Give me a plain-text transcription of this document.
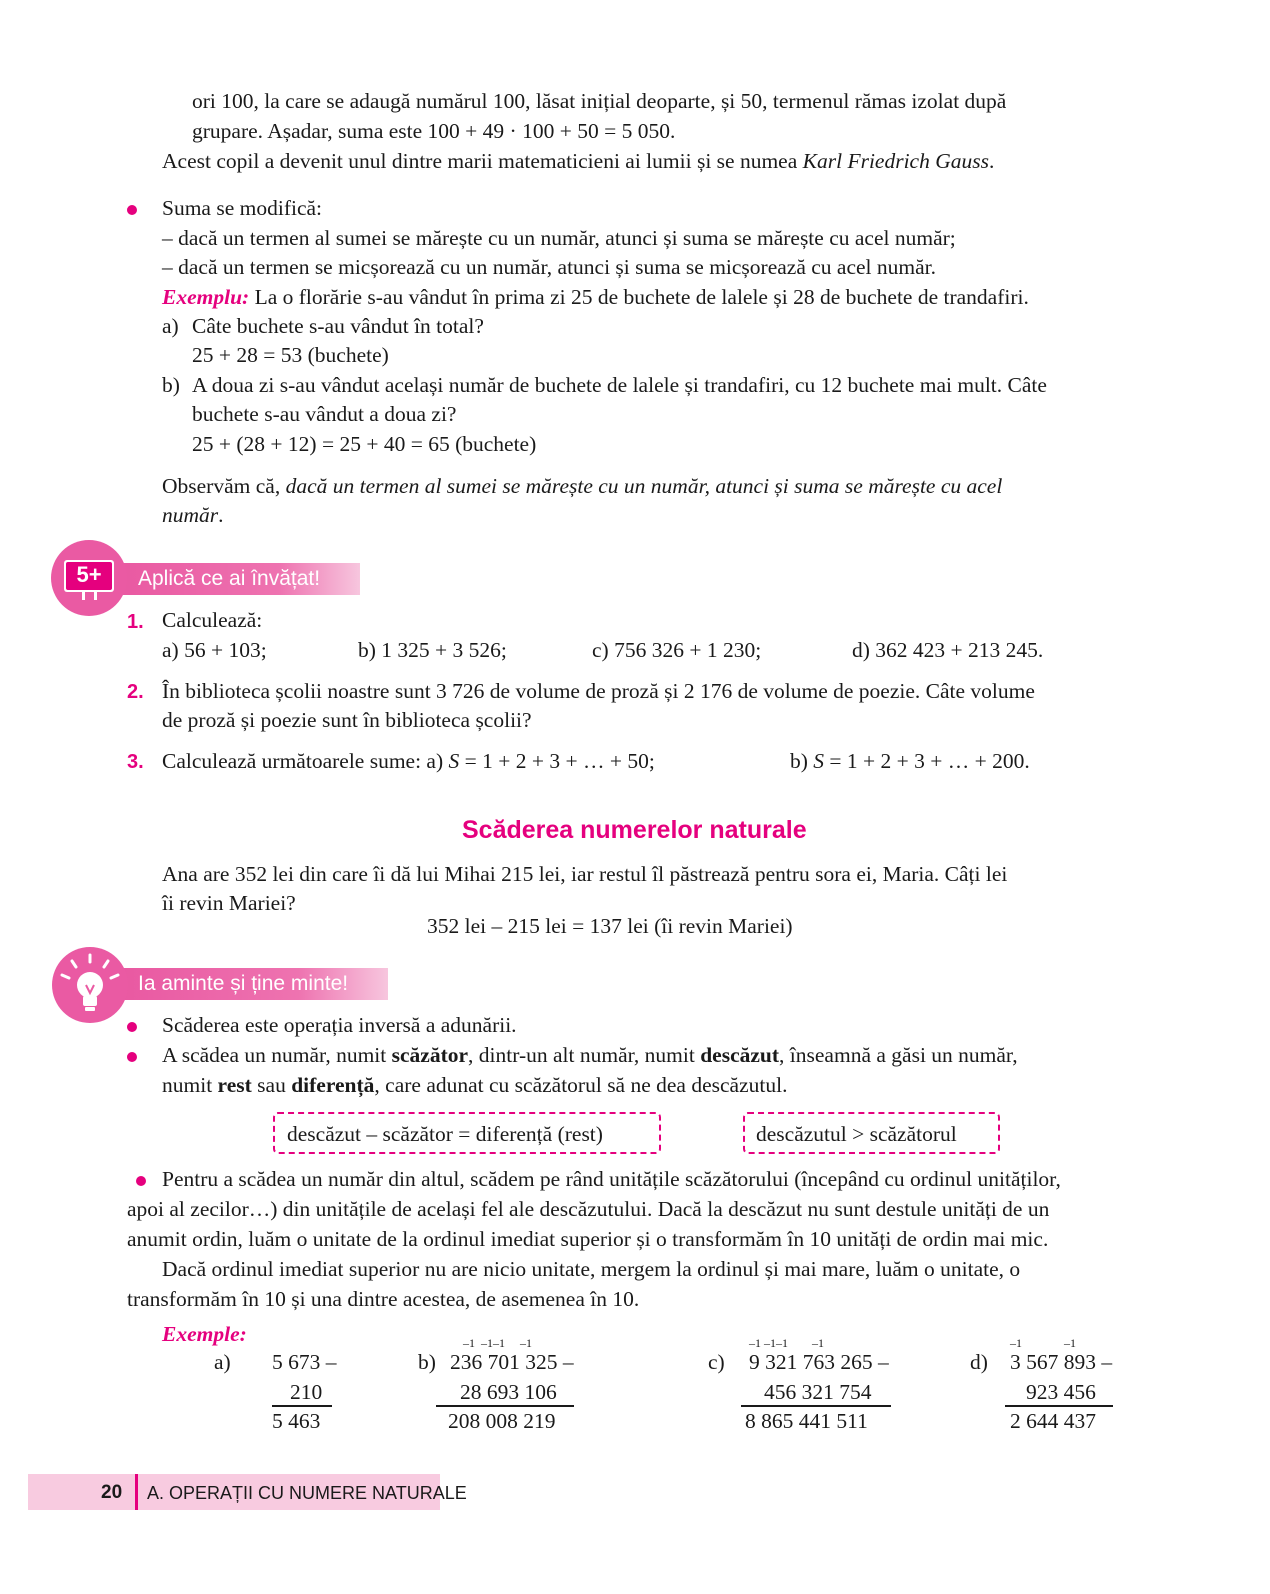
ori 100, la care se adaugă numărul 100, lăsat inițial deoparte, și 50, termenul rămas izolat după
grupare. Așadar, suma este 100 + 49 · 100 + 50 = 5 050.
Acest copil a devenit unul dintre marii matematicieni ai lumii și se numea Karl Friedrich Gauss.
Suma se modifică:
– dacă un termen al sumei se mărește cu un număr, atunci și suma se mărește cu acel număr;
– dacă un termen se micșorează cu un număr, atunci și suma se micșorează cu acel număr.
Exemplu: La o florărie s-au vândut în prima zi 25 de buchete de lalele și 28 de buchete de trandafiri.
a) Câte buchete s-au vândut în total?
25 + 28 = 53 (buchete)
b) A doua zi s-au vândut același număr de buchete de lalele și trandafiri, cu 12 buchete mai mult. Câte
buchete s-au vândut a doua zi?
25 + (28 + 12) = 25 + 40 = 65 (buchete)
Observăm că, dacă un termen al sumei se mărește cu un număr, atunci și suma se mărește cu acel
număr.
5+	Aplică ce ai învățat!
1. Calculează:
a) 56 + 103;	b) 1 325 + 3 526;	c) 756 326 + 1 230;	d) 362 423 + 213 245.
2. În biblioteca școlii noastre sunt 3 726 de volume de proză și 2 176 de volume de poezie. Câte volume
de proză și poezie sunt în biblioteca școlii?
3. Calculează următoarele sume: a) S = 1 + 2 + 3 + … + 50;	b) S = 1 + 2 + 3 + … + 200.
Scăderea numerelor naturale
Ana are 352 lei din care îi dă lui Mihai 215 lei, iar restul îl păstrează pentru sora ei, Maria. Câți lei
îi revin Mariei?
352 lei – 215 lei = 137 lei (îi revin Mariei)
Ia aminte și ține minte!
Scăderea este operația inversă a adunării.
A scădea un număr, numit scăzător, dintr-un alt număr, numit descăzut, înseamnă a găsi un număr,
numit rest sau diferență, care adunat cu scăzătorul să ne dea descăzutul.
descăzut – scăzător = diferență (rest)	descăzutul > scăzătorul
Pentru a scădea un număr din altul, scădem pe rând unitățile scăzătorului (începând cu ordinul unităților,
apoi al zecilor…) din unitățile de același fel ale descăzutului. Dacă la descăzut nu sunt destule unități de un
anumit ordin, luăm o unitate de la ordinul imediat superior și o transformăm în 10 unități de ordin mai mic.
Dacă ordinul imediat superior nu are nicio unitate, mergem la ordinul și mai mare, luăm o unitate, o
transformăm în 10 și una dintre acestea, de asemenea în 10.
Exemple:
a) 5 673 –
210
5 463
–1  –1–1     –1
b) 236 701 325 –
28 693 106
208 008 219
–1 –1–1        –1
c) 9 321 763 265 –
456 321 754
8 865 441 511
–1              –1
d) 3 567 893 –
923 456
2 644 437
20 A. OPERAȚII CU NUMERE NATURALE
